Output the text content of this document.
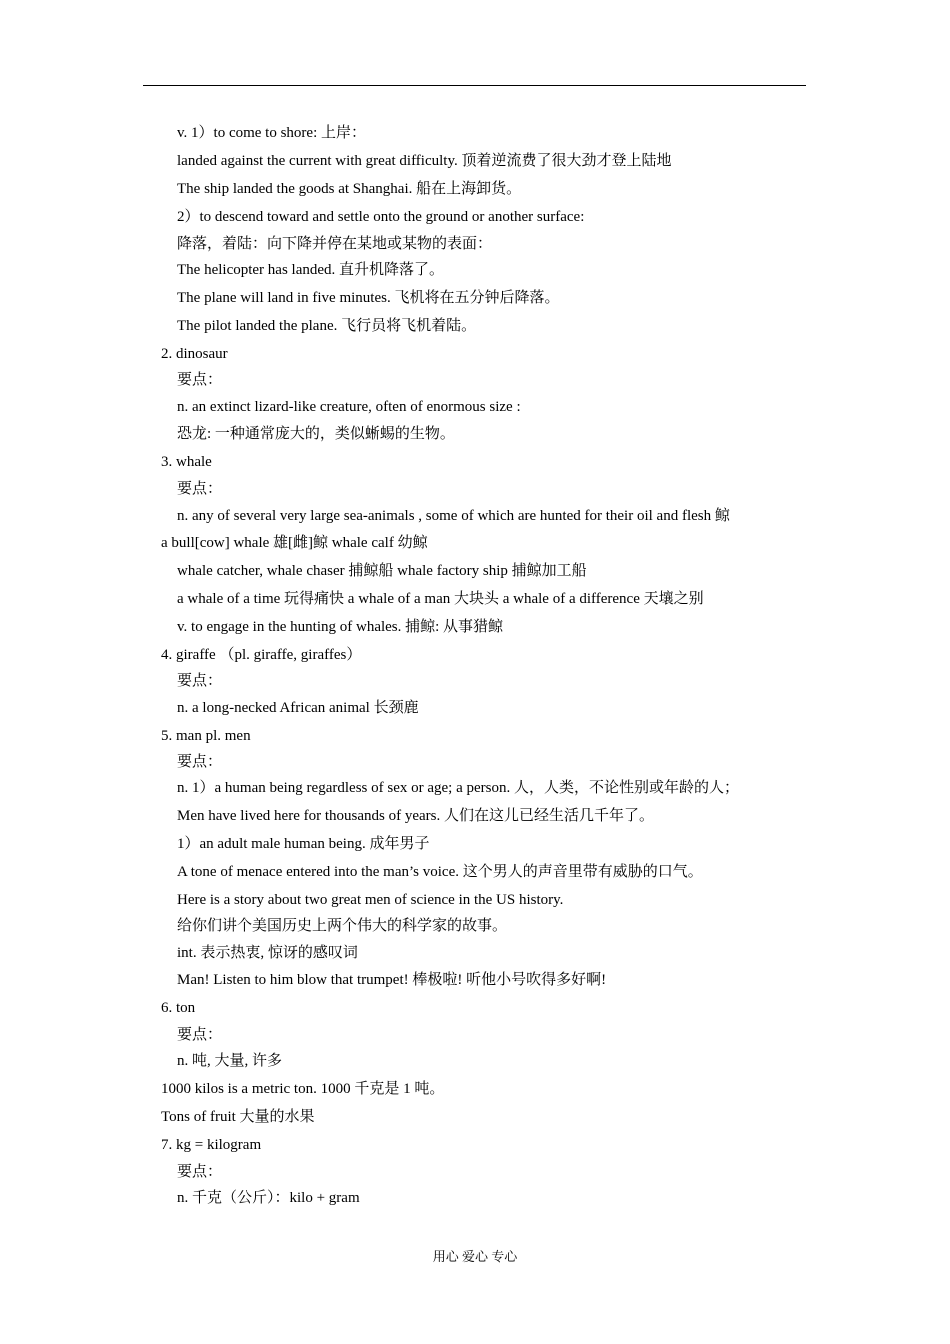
v. 1）to come to shore: 上岸：
landed against the current with great difficulty. 顶着逆流费了很大劲才登上陆地
The ship landed the goods at Shanghai. 船在上海卸货。
2）to descend toward and settle onto the ground or another surface:
降落，着陆：向下降并停在某地或某物的表面：
The helicopter has landed. 直升机降落了。
The plane will land in five minutes. 飞机将在五分钟后降落。
The pilot landed the plane. 飞行员将飞机着陆。
2. dinosaur
要点：
n. an extinct lizard-like creature, often of enormous size :
恐龙: 一种通常庞大的，类似蜥蜴的生物。
3. whale
要点：
n. any of several very large sea-animals , some of which are hunted for their oil and flesh 鲸
a bull[cow] whale 雄[雌]鲸 whale calf 幼鲸
whale catcher, whale chaser 捕鲸船 whale factory ship 捕鲸加工船
a whale of a time 玩得痛快 a whale of a man 大块头 a whale of a difference 天壤之别
v. to engage in the hunting of whales. 捕鲸: 从事猎鲸
4. giraffe （pl. giraffe, giraffes）
要点：
n. a long-necked African animal 长颈鹿
5. man pl. men
要点：
n. 1）a human being regardless of sex or age; a person. 人，人类，不论性别或年龄的人；
Men have lived here for thousands of years. 人们在这儿已经生活几千年了。
1）an adult male human being. 成年男子
A tone of menace entered into the man’s voice. 这个男人的声音里带有威胁的口气。
Here is a story about two great men of science in the US history.
给你们讲个美国历史上两个伟大的科学家的故事。
int. 表示热衷, 惊讶的感叹词
Man! Listen to him blow that trumpet! 棒极啦! 听他小号吹得多好啊!
6. ton
要点：
n. 吨, 大量, 许多
1000 kilos is a metric ton. 1000 千克是 1 吨。
Tons of fruit 大量的水果
7. kg = kilogram
要点：
n. 千克（公斤）：kilo + gram
用心 爱心 专心
